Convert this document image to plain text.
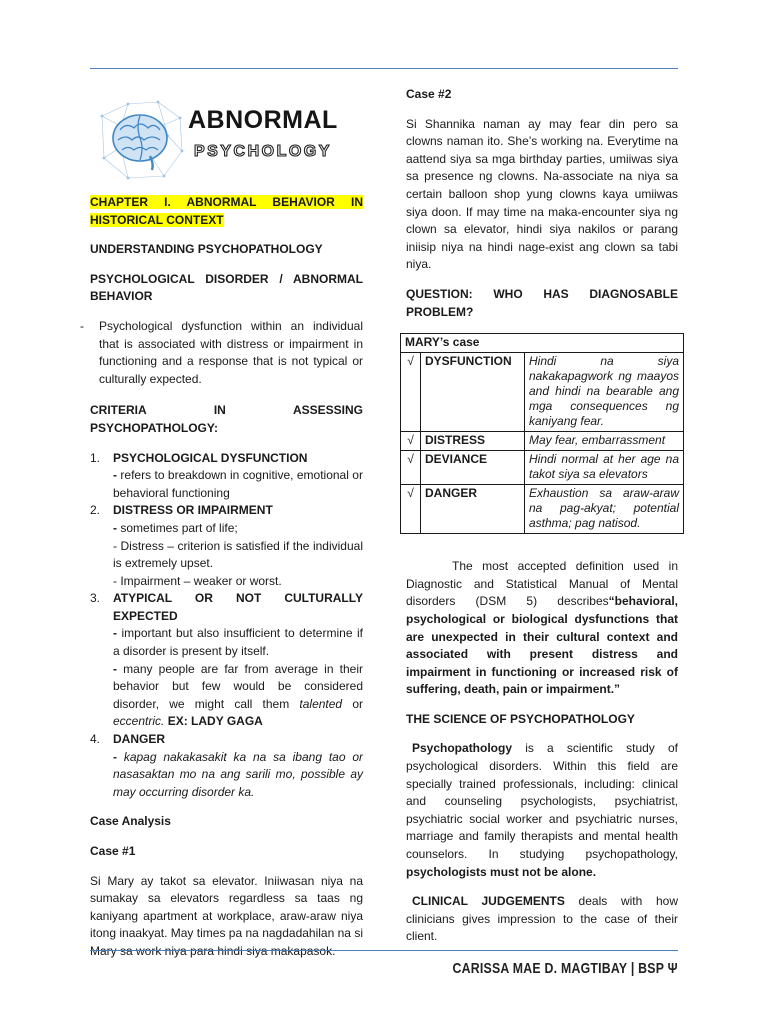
ABNORMAL
PSYCHOLOGY

CHAPTER I. ABNORMAL BEHAVIOR IN HISTORICAL CONTEXT

UNDERSTANDING PSYCHOPATHOLOGY

PSYCHOLOGICAL DISORDER / ABNORMAL BEHAVIOR

- Psychological dysfunction within an individual that is associated with distress or impairment in functioning and a response that is not typical or culturally expected.

CRITERIA IN ASSESSING PSYCHOPATHOLOGY:

1. PSYCHOLOGICAL DYSFUNCTION
- refers to breakdown in cognitive, emotional or behavioral functioning
2. DISTRESS OR IMPAIRMENT
- sometimes part of life;
- Distress – criterion is satisfied if the individual is extremely upset.
- Impairment – weaker or worst.
3. ATYPICAL OR NOT CULTURALLY EXPECTED
- important but also insufficient to determine if a disorder is present by itself.
- many people are far from average in their behavior but few would be considered disorder, we might call them talented or eccentric. EX: LADY GAGA
4. DANGER
- kapag nakakasakit ka na sa ibang tao or nasasaktan mo na ang sarili mo, possible ay may occurring disorder ka.

Case Analysis

Case #1

Si Mary ay takot sa elevator. Iniiwasan niya na sumakay sa elevators regardless sa taas ng kaniyang apartment at workplace, araw-araw niya itong inaakyat. May times pa na nagdadahilan na si

Case #2

Si Shannika naman ay may fear din pero sa clowns naman ito. She’s working na. Everytime na aattend siya sa mga birthday parties, umiiwas siya sa presence ng clowns. Na-associate na niya sa certain balloon shop yung clowns kaya umiiwas siya doon. If may time na maka-encounter siya ng clown sa elevator, hindi siya nakilos or parang iniisip niya na hindi nage-exist ang clown sa tabi niya.

QUESTION: WHO HAS DIAGNOSABLE PROBLEM?

MARY’s case		
√	DYSFUNCTION	Hindi na siya nakakapagwork ng maayos and hindi na bearable ang mga consequences ng kaniyang fear.
√	DISTRESS	May fear, embarrassment
√	DEVIANCE	Hindi normal at her age na takot siya sa elevators
√	DANGER	Exhaustion sa araw-araw na pag-akyat; potential asthma; pag natisod.

The most accepted definition used in Diagnostic and Statistical Manual of Mental disorders (DSM 5) describes“behavioral, psychological or biological dysfunctions that are unexpected in their cultural context and associated with present distress and impairment in functioning or increased risk of suffering, death, pain or impairment.”

THE SCIENCE OF PSYCHOPATHOLOGY

Psychopathology is a scientific study of psychological disorders. Within this field are specially trained professionals, including: clinical and counseling psychologists, psychiatrist, psychiatric social worker and psychiatric nurses, marriage and family therapists and mental health counselors. In studying psychopathology, psychologists must not be alone.

CLINICAL JUDGEMENTS deals with how clinicians gives impression to the case of their client.

CARISSA MAE D. MAGTIBAY | BSP Ψ
